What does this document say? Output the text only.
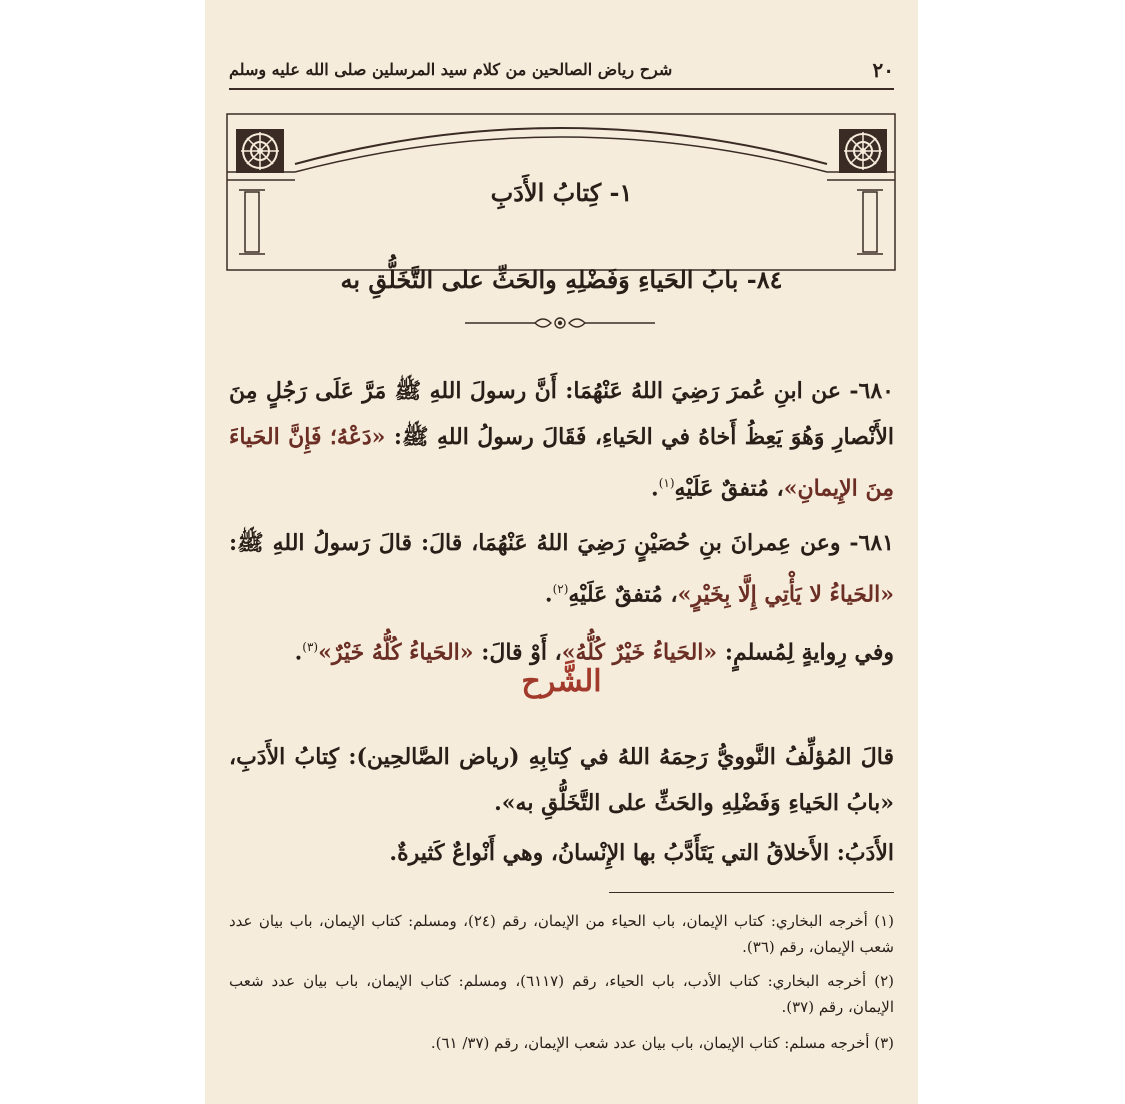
٢٠
شرح رياض الصالحين من كلام سيد المرسلين صلى الله عليه وسلم
١- كِتابُ الأَدَبِ
٨٤- بابُ الحَياءِ وَفَضْلِهِ والحَثِّ على التَّخَلُّقِ به
٦٨٠- عن ابنِ عُمرَ رَضِيَ اللهُ عَنْهُمَا: أَنَّ رسولَ اللهِ ﷺ مَرَّ عَلَى رَجُلٍ مِنَ الأَنْصارِ وَهُوَ يَعِظُ أَخاهُ في الحَياءِ، فَقَالَ رسولُ اللهِ ﷺ: «دَعْهُ؛ فَإِنَّ الحَياءَ مِنَ الإِيمانِ»، مُتفقٌ عَلَيْهِ$^{(١)}$.
٦٨١- وعن عِمرانَ بنِ حُصَيْنٍ رَضِيَ اللهُ عَنْهُمَا، قالَ: قالَ رَسولُ اللهِ ﷺ: «الحَياءُ لا يَأْتِي إِلَّا بِخَيْرٍ»، مُتفقٌ عَلَيْهِ$^{(٢)}$.
وفي رِوايةٍ لِمُسلمٍ: «الحَياءُ خَيْرٌ كُلُّهُ»، أَوْ قالَ: «الحَياءُ كُلُّهُ خَيْرٌ»$^{(٣)}$.
الشَّرح
قالَ المُؤلِّفُ النَّوويُّ رَحِمَهُ اللهُ في كِتابِهِ (رياض الصَّالحِين): كِتابُ الأَدَبِ، «بابُ الحَياءِ وَفَضْلِهِ والحَثِّ على التَّخَلُّقِ به».
الأَدَبُ: الأَخلاقُ التي يَتَأَدَّبُ بها الإِنْسانُ، وهي أَنْواعٌ كَثيرةٌ.
(١) أخرجه البخاري: كتاب الإيمان، باب الحياء من الإيمان، رقم (٢٤)، ومسلم: كتاب الإيمان، باب بيان عدد شعب الإيمان، رقم (٣٦).
(٢) أخرجه البخاري: كتاب الأدب، باب الحياء، رقم (٦١١٧)، ومسلم: كتاب الإيمان، باب بيان عدد شعب الإيمان، رقم (٣٧).
(٣) أخرجه مسلم: كتاب الإيمان، باب بيان عدد شعب الإيمان، رقم (٣٧/ ٦١).
